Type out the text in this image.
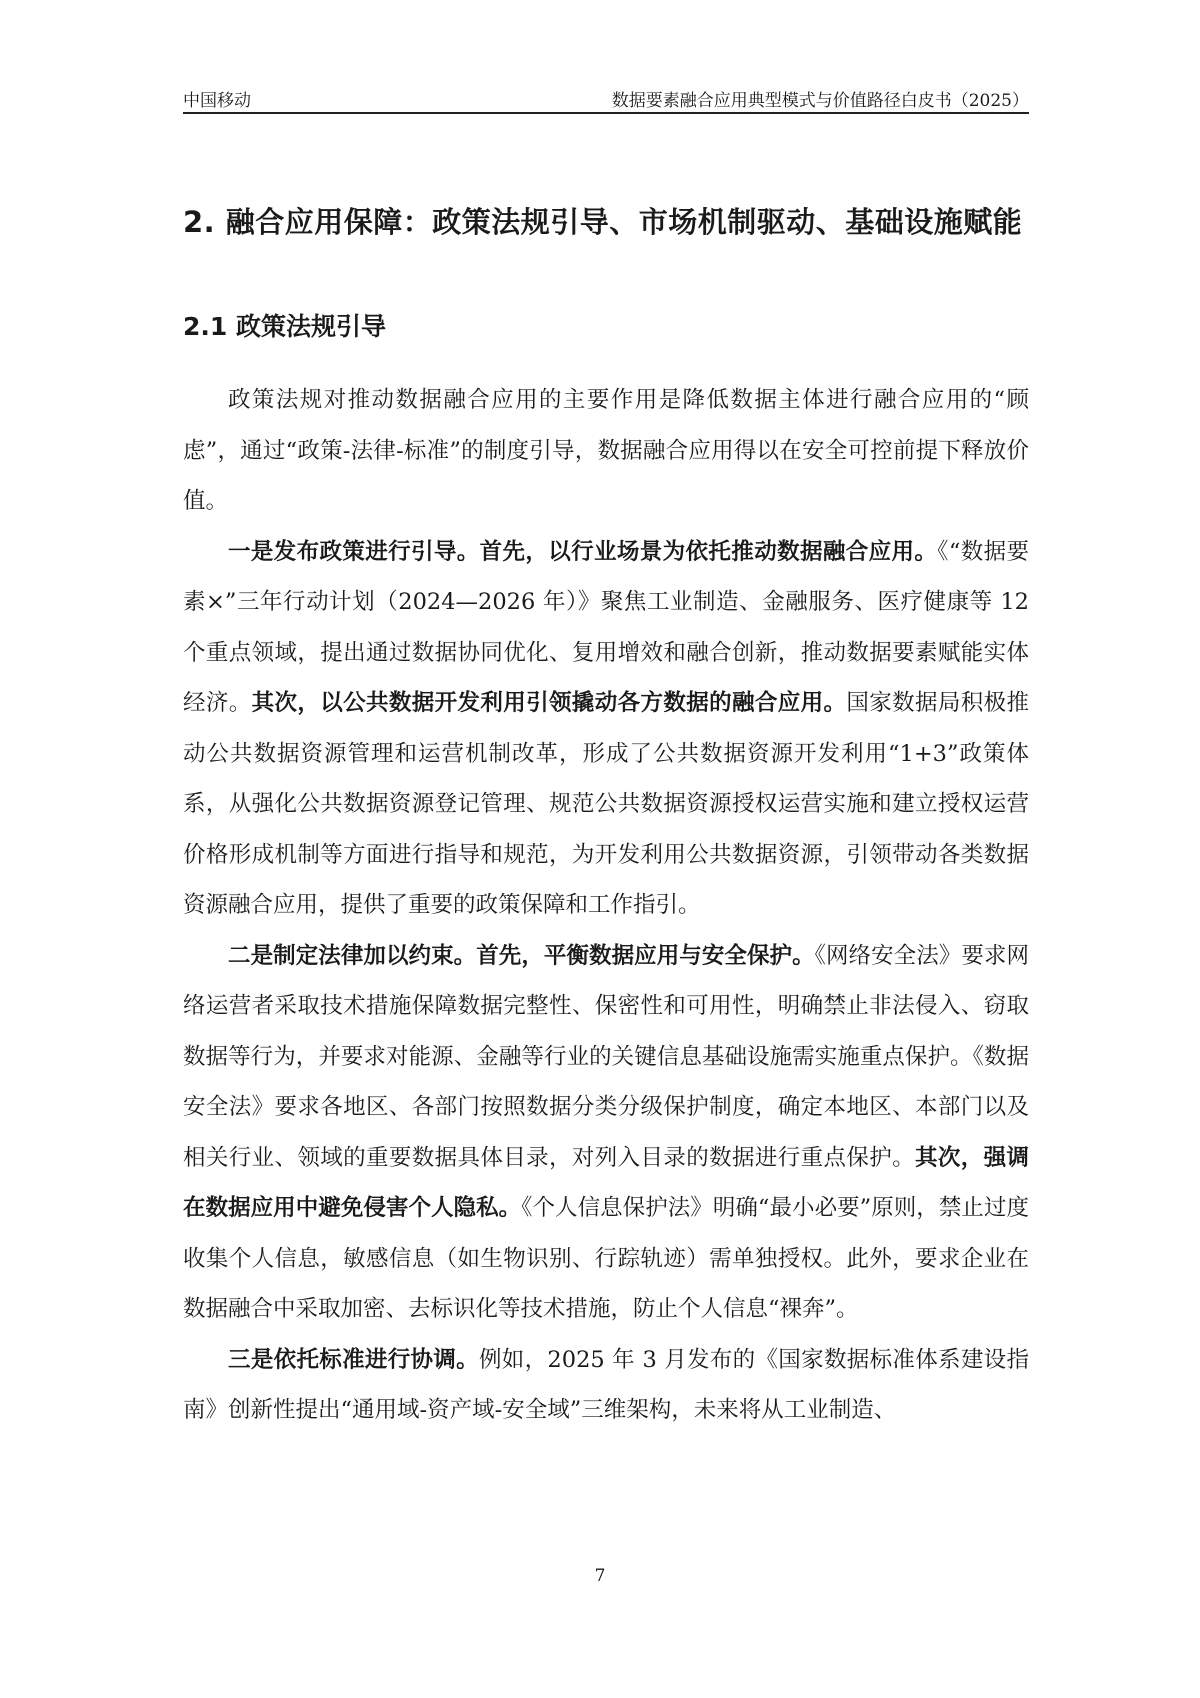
中国移动	数据要素融合应用典型模式与价值路径白皮书（2025）
2. 融合应用保障：政策法规引导、市场机制驱动、基础设施赋能
2.1 政策法规引导

政策法规对推动数据融合应用的主要作用是降低数据主体进行融合应用的“顾虑”，通过“政策-法律-标准”的制度引导，数据融合应用得以在安全可控前提下释放价值。

一是发布政策进行引导。首先，以行业场景为依托推动数据融合应用。《“数据要素×”三年行动计划（2024—2026 年）》聚焦工业制造、金融服务、医疗健康等 12 个重点领域，提出通过数据协同优化、复用增效和融合创新，推动数据要素赋能实体经济。其次，以公共数据开发利用引领撬动各方数据的融合应用。国家数据局积极推动公共数据资源管理和运营机制改革，形成了公共数据资源开发利用“1+3”政策体系，从强化公共数据资源登记管理、规范公共数据资源授权运营实施和建立授权运营价格形成机制等方面进行指导和规范，为开发利用公共数据资源，引领带动各类数据资源融合应用，提供了重要的政策保障和工作指引。

二是制定法律加以约束。首先，平衡数据应用与安全保护。《网络安全法》要求网络运营者采取技术措施保障数据完整性、保密性和可用性，明确禁止非法侵入、窃取数据等行为，并要求对能源、金融等行业的关键信息基础设施需实施重点保护。《数据安全法》要求各地区、各部门按照数据分类分级保护制度，确定本地区、本部门以及相关行业、领域的重要数据具体目录，对列入目录的数据进行重点保护。其次，强调在数据应用中避免侵害个人隐私。《个人信息保护法》明确“最小必要”原则，禁止过度收集个人信息，敏感信息（如生物识别、行踪轨迹）需单独授权。此外，要求企业在数据融合中采取加密、去标识化等技术措施，防止个人信息“裸奔”。

三是依托标准进行协调。例如，2025 年 3 月发布的《国家数据标准体系建设指南》创新性提出“通用域-资产域-安全域”三维架构，未来将从工业制造、

7
